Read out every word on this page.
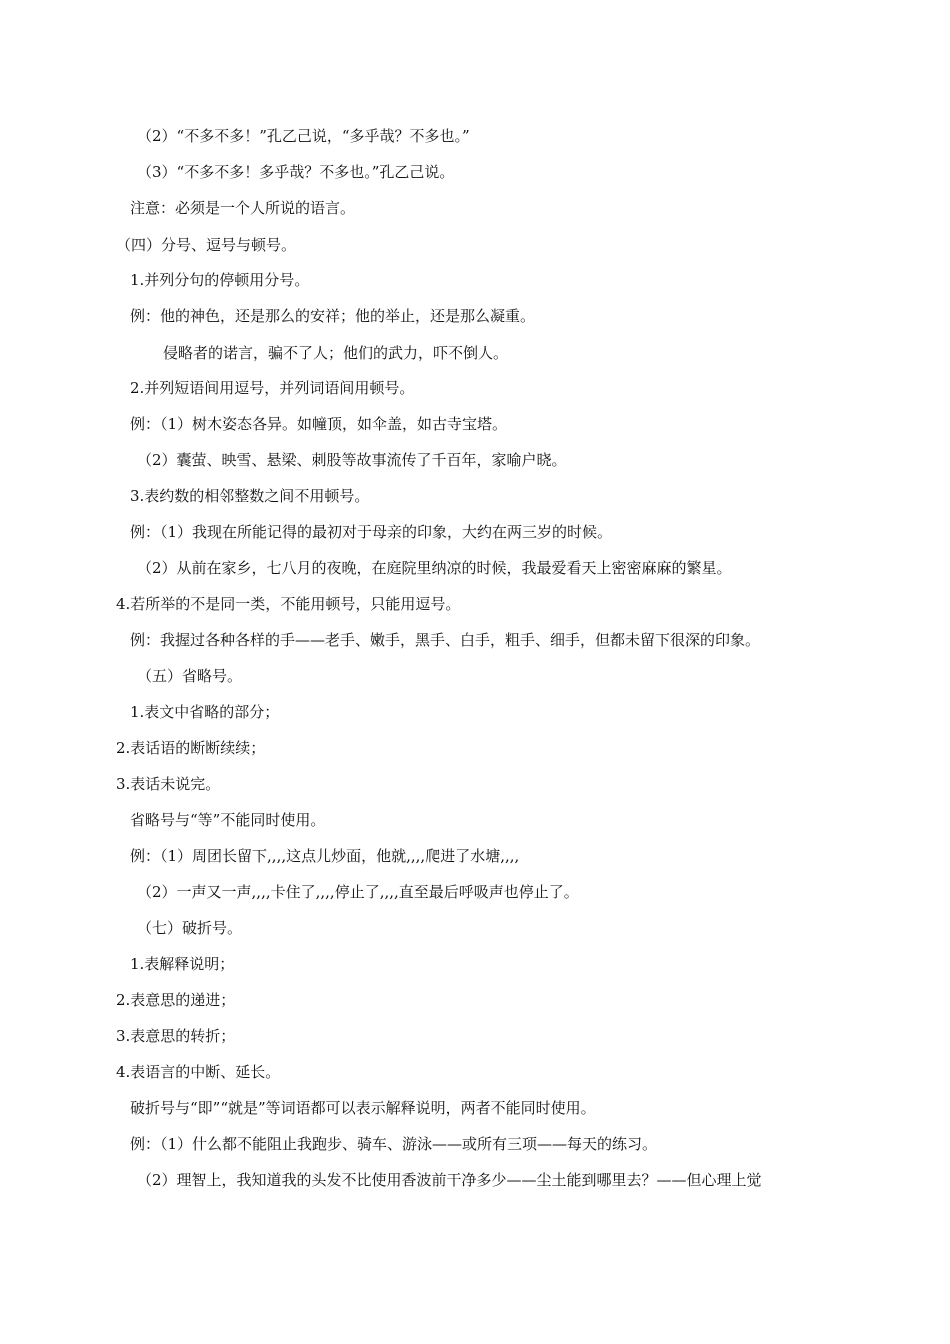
（2）“不多不多！”孔乙己说，“多乎哉？不多也。”
（3）“不多不多！多乎哉？不多也。”孔乙己说。
注意：必须是一个人所说的语言。
（四）分号、逗号与顿号。
1.并列分句的停顿用分号。
例：他的神色，还是那么的安祥；他的举止，还是那么凝重。
侵略者的诺言，骗不了人；他们的武力，吓不倒人。
2.并列短语间用逗号，并列词语间用顿号。
例：（1）树木姿态各异。如幢顶，如伞盖，如古寺宝塔。
（2）囊萤、映雪、悬梁、刺股等故事流传了千百年，家喻户晓。
3.表约数的相邻整数之间不用顿号。
例：（1）我现在所能记得的最初对于母亲的印象，大约在两三岁的时候。
（2）从前在家乡，七八月的夜晚，在庭院里纳凉的时候，我最爱看天上密密麻麻的繁星。
4.若所举的不是同一类，不能用顿号，只能用逗号。
例：我握过各种各样的手——老手、嫩手，黑手、白手，粗手、细手，但都未留下很深的印象。
（五）省略号。
1.表文中省略的部分；
2.表话语的断断续续；
3.表话未说完。
省略号与“等”不能同时使用。
例：（1）周团长留下,,,,这点儿炒面，他就,,,,爬进了水塘,,,,
（2）一声又一声,,,,卡住了,,,,停止了,,,,直至最后呼吸声也停止了。
（七）破折号。
1.表解释说明；
2.表意思的递进；
3.表意思的转折；
4.表语言的中断、延长。
破折号与“即”“就是”等词语都可以表示解释说明，两者不能同时使用。
例：（1）什么都不能阻止我跑步、骑车、游泳——或所有三项——每天的练习。
（2）理智上，我知道我的头发不比使用香波前干净多少——尘土能到哪里去？——但心理上觉
